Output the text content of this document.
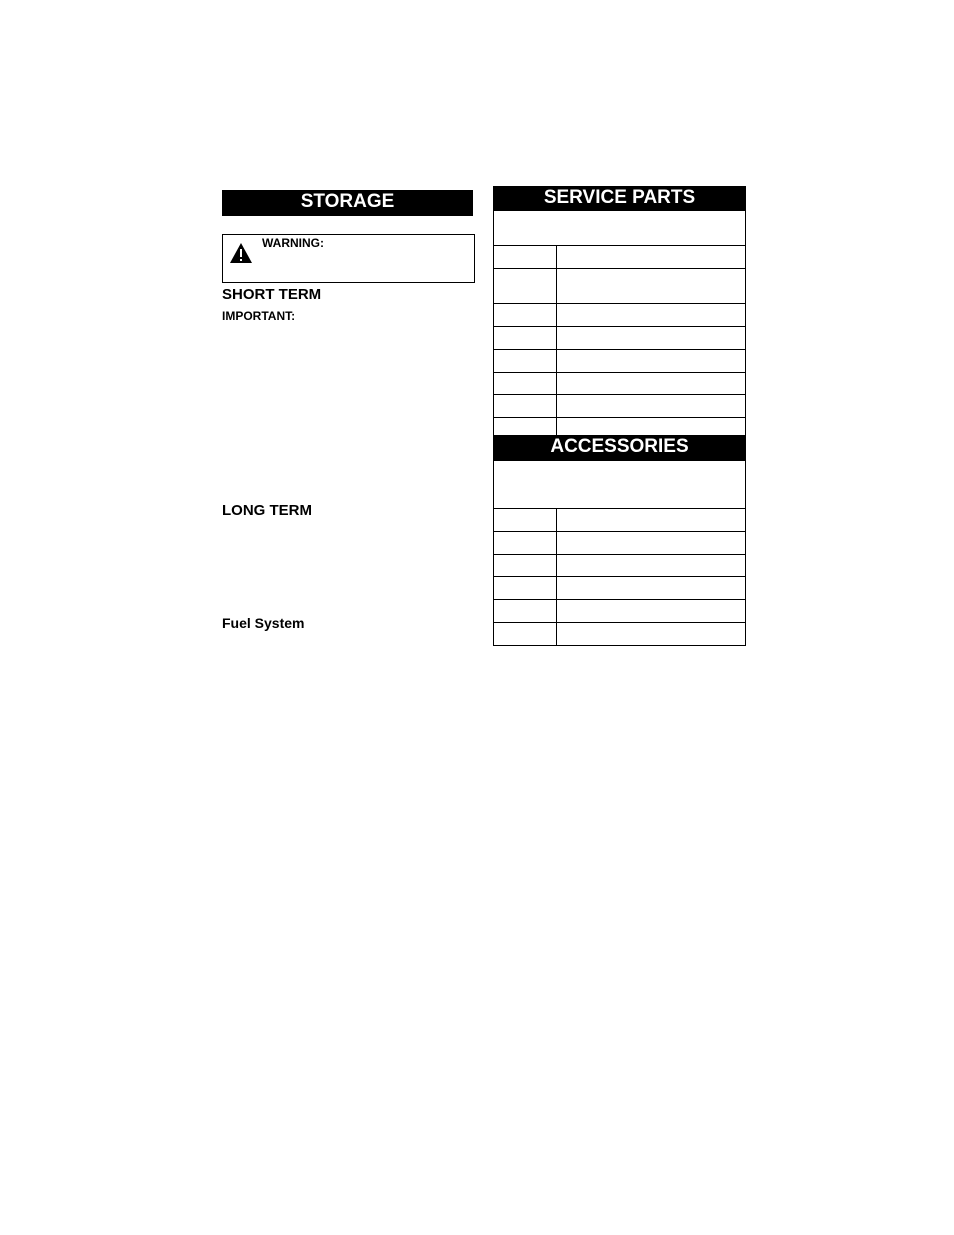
STORAGE
WARNING:
SHORT TERM
IMPORTANT:
LONG TERM
Fuel System
SERVICE PARTS
ACCESSORIES
